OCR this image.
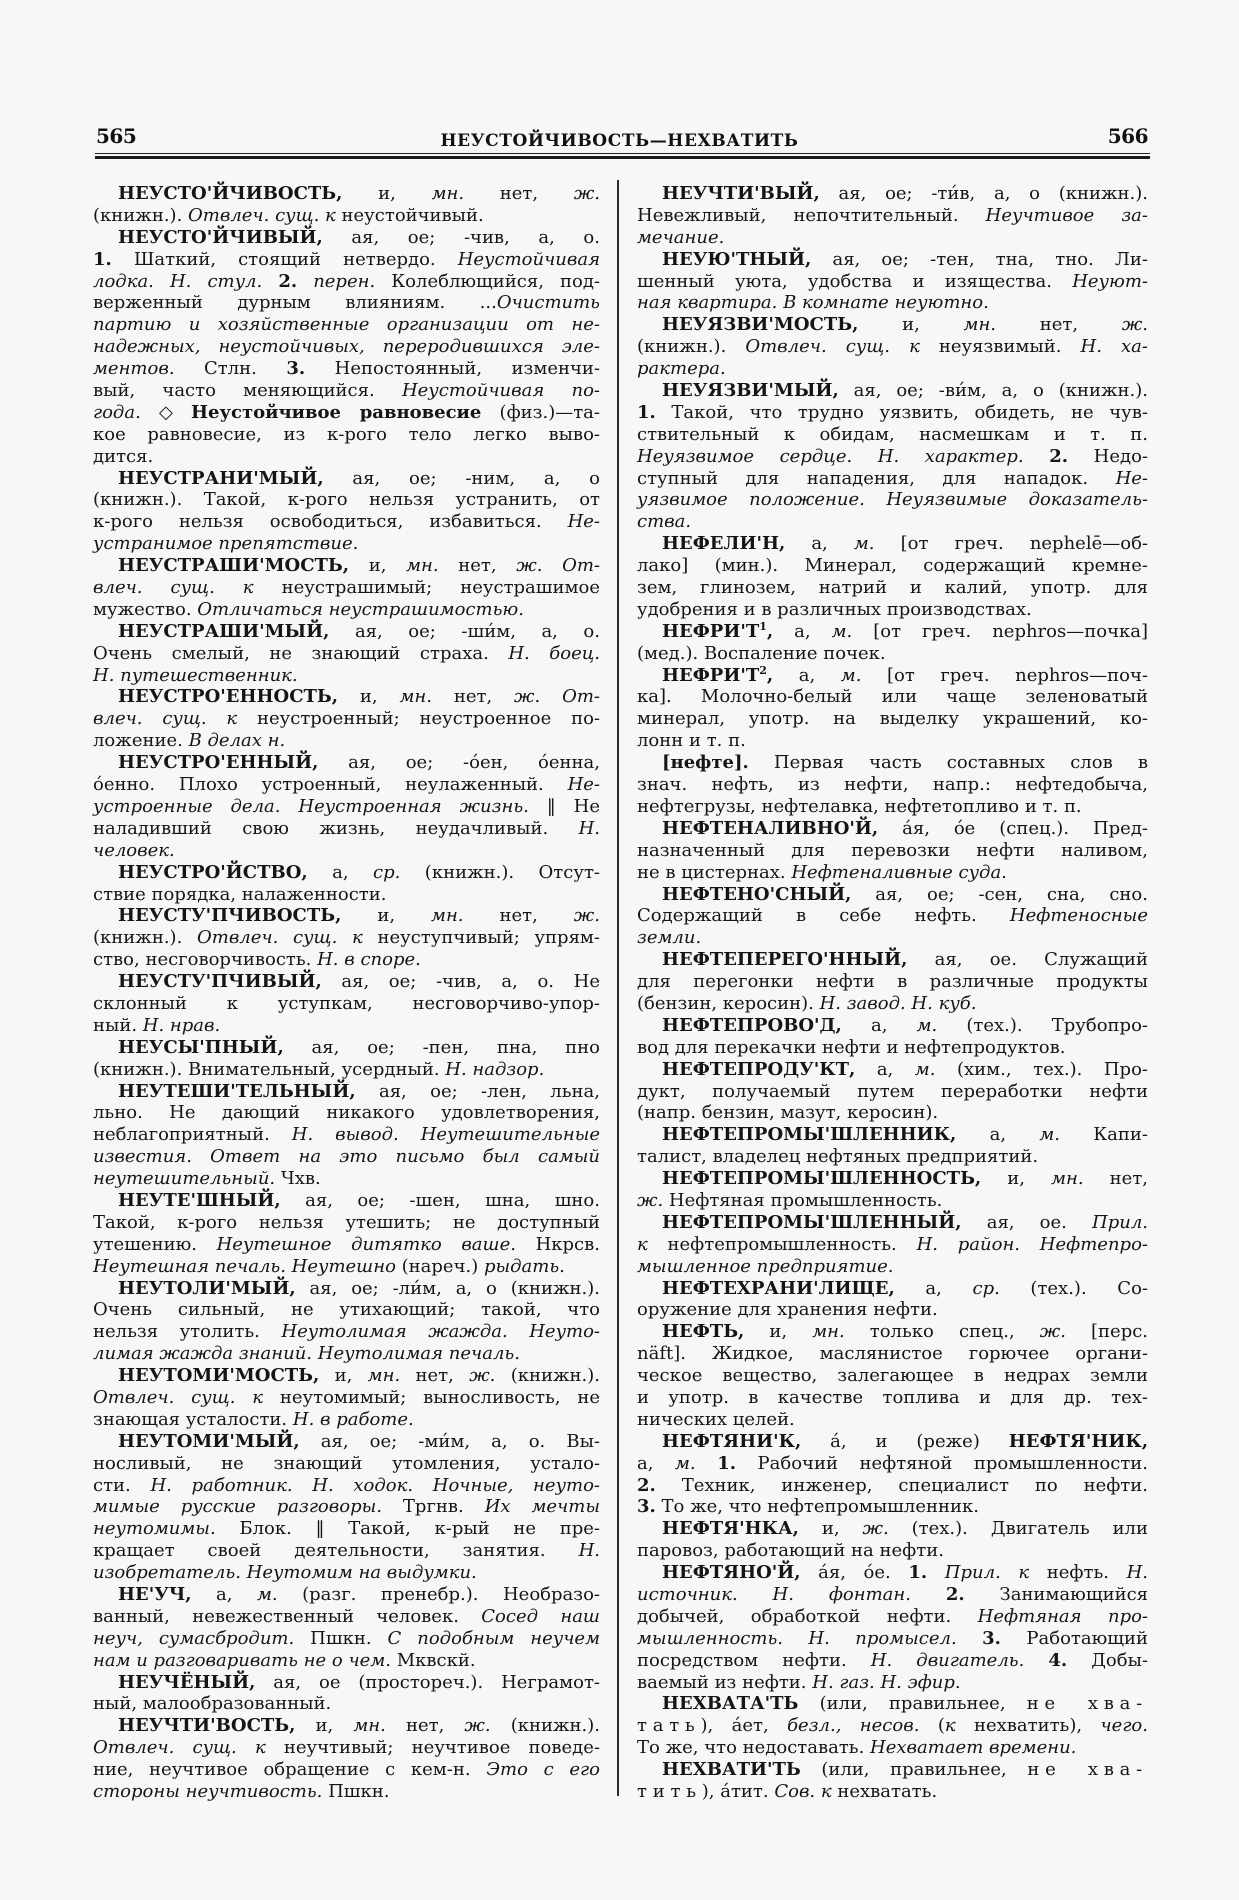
565	НЕУСТОЙЧИВОСТЬ—НЕХВАТИТЬ	566
НЕУСТО'ЙЧИВОСТЬ, и, мн. нет, ж.
(книжн.). Отвлеч. сущ. к неустойчивый.
НЕУСТО'ЙЧИВЫЙ, ая, ое; -чив, а, о.
1. Шаткий, стоящий нетвердо. Неустойчивая
лодка. Н. стул. 2. перен. Колеблющийся, под-
верженный дурным влияниям. ...Очистить
партию и хозяйственные организации от не-
надежных, неустойчивых, переродившихся эле-
ментов. Стлн. 3. Непостоянный, изменчи-
вый, часто меняющийся. Неустойчивая по-
года. ◇ Неустойчивое равновесие (физ.)—та-
кое равновесие, из к-рого тело легко выво-
дится.
НЕУСТРАНИ'МЫЙ, ая, ое; -ним, а, о
(книжн.). Такой, к-рого нельзя устранить, от
к-рого нельзя освободиться, избавиться. Не-
устранимое препятствие.
НЕУСТРАШИ'МОСТЬ, и, мн. нет, ж. От-
влеч. сущ. к неустрашимый; неустрашимое
мужество. Отличаться неустрашимостью.
НЕУСТРАШИ'МЫЙ, ая, ое; -ши́м, а, о.
Очень смелый, не знающий страха. Н. боец.
Н. путешественник.
НЕУСТРО'ЕННОСТЬ, и, мн. нет, ж. От-
влеч. сущ. к неустроенный; неустроенное по-
ложение. В делах н.
НЕУСТРО'ЕННЫЙ, ая, ое; -о́ен, о́енна,
о́енно. Плохо устроенный, неулаженный. Не-
устроенные дела. Неустроенная жизнь. ‖ Не
наладивший свою жизнь, неудачливый. Н.
человек.
НЕУСТРО'ЙСТВО, а, ср. (книжн.). Отсут-
ствие порядка, налаженности.
НЕУСТУ'ПЧИВОСТЬ, и, мн. нет, ж.
(книжн.). Отвлеч. сущ. к неуступчивый; упрям-
ство, несговорчивость. Н. в споре.
НЕУСТУ'ПЧИВЫЙ, ая, ое; -чив, а, о. Не
склонный к уступкам, несговорчиво-упор-
ный. Н. нрав.
НЕУСЫ'ПНЫЙ, ая, ое; -пен, пна, пно
(книжн.). Внимательный, усердный. Н. надзор.
НЕУТЕШИ'ТЕЛЬНЫЙ, ая, ое; -лен, льна,
льно. Не дающий никакого удовлетворения,
неблагоприятный. Н. вывод. Неутешительные
известия. Ответ на это письмо был самый
неутешительный. Чхв.
НЕУТЕ'ШНЫЙ, ая, ое; -шен, шна, шно.
Такой, к-рого нельзя утешить; не доступный
утешению. Неутешное дитятко ваше. Нкрсв.
Неутешная печаль. Неутешно (нареч.) рыдать.
НЕУТОЛИ'МЫЙ, ая, ое; -ли́м, а, о (книжн.).
Очень сильный, не утихающий; такой, что
нельзя утолить. Неутолимая жажда. Неуто-
лимая жажда знаний. Неутолимая печаль.
НЕУТОМИ'МОСТЬ, и, мн. нет, ж. (книжн.).
Отвлеч. сущ. к неутомимый; выносливость, не
знающая усталости. Н. в работе.
НЕУТОМИ'МЫЙ, ая, ое; -ми́м, а, о. Вы-
носливый, не знающий утомления, устало-
сти. Н. работник. Н. ходок. Ночные, неуто-
мимые русские разговоры. Тргнв. Их мечты
неутомимы. Блок. ‖ Такой, к-рый не пре-
кращает своей деятельности, занятия. Н.
изобретатель. Неутомим на выдумки.
НЕ'УЧ, а, м. (разг. пренебр.). Необразо-
ванный, невежественный человек. Сосед наш
неуч, сумасбродит. Пшкн. С подобным неучем
нам и разговаривать не о чем. Мквскй.
НЕУЧЁНЫЙ, ая, ое (простореч.). Неграмот-
ный, малообразованный.
НЕУЧТИ'ВОСТЬ, и, мн. нет, ж. (книжн.).
Отвлеч. сущ. к неучтивый; неучтивое поведе-
ние, неучтивое обращение с кем-н. Это с его
стороны неучтивость. Пшкн.
НЕУЧТИ'ВЫЙ, ая, ое; -ти́в, а, о (книжн.).
Невежливый, непочтительный. Неучтивое за-
мечание.
НЕУЮ'ТНЫЙ, ая, ое; -тен, тна, тно. Ли-
шенный уюта, удобства и изящества. Неуют-
ная квартира. В комнате неуютно.
НЕУЯЗВИ'МОСТЬ, и, мн. нет, ж.
(книжн.). Отвлеч. сущ. к неуязвимый. Н. ха-
рактера.
НЕУЯЗВИ'МЫЙ, ая, ое; -ви́м, а, о (книжн.).
1. Такой, что трудно уязвить, обидеть, не чув-
ствительный к обидам, насмешкам и т. п.
Неуязвимое сердце. Н. характер. 2. Недо-
ступный для нападения, для нападок. Не-
уязвимое положение. Неуязвимые доказатель-
ства.
НЕФЕЛИ'Н, а, м. [от греч. nephelē—об-
лако] (мин.). Минерал, содержащий кремне-
зем, глинозем, натрий и калий, употр. для
удобрения и в различных производствах.
$НЕФРИ'Т^1$, а, м. [от греч. nephros—почка]
(мед.). Воспаление почек.
$НЕФРИ'Т^2$, а, м. [от греч. nephros—поч-
ка]. Молочно-белый или чаще зеленоватый
минерал, употр. на выделку украшений, ко-
лонн и т. п.
[нефте]. Первая часть составных слов в
знач. нефть, из нефти, напр.: нефтедобыча,
нефтегрузы, нефтелавка, нефтетопливо и т. п.
НЕФТЕНАЛИВНО'Й, а́я, о́е (спец.). Пред-
назначенный для перевозки нефти наливом,
не в цистернах. Нефтеналивные суда.
НЕФТЕНО'СНЫЙ, ая, ое; -сен, сна, сно.
Содержащий в себе нефть. Нефтеносные
земли.
НЕФТЕПЕРЕГО'ННЫЙ, ая, ое. Служащий
для перегонки нефти в различные продукты
(бензин, керосин). Н. завод. Н. куб.
НЕФТЕПРОВО'Д, а, м. (тех.). Трубопро-
вод для перекачки нефти и нефтепродуктов.
НЕФТЕПРОДУ'КТ, а, м. (хим., тех.). Про-
дукт, получаемый путем переработки нефти
(напр. бензин, мазут, керосин).
НЕФТЕПРОМЫ'ШЛЕННИК, а, м. Капи-
талист, владелец нефтяных предприятий.
НЕФТЕПРОМЫ'ШЛЕННОСТЬ, и, мн. нет,
ж. Нефтяная промышленность.
НЕФТЕПРОМЫ'ШЛЕННЫЙ, ая, ое. Прил.
к нефтепромышленность. Н. район. Нефтепро-
мышленное предприятие.
НЕФТЕХРАНИ'ЛИЩЕ, а, ср. (тех.). Со-
оружение для хранения нефти.
НЕФТЬ, и, мн. только спец., ж. [перс.
näft]. Жидкое, маслянистое горючее органи-
ческое вещество, залегающее в недрах земли
и употр. в качестве топлива и для др. тех-
нических целей.
НЕФТЯНИ'К, а́, и (реже) НЕФТЯ'НИК,
а, м. 1. Рабочий нефтяной промышленности.
2. Техник, инженер, специалист по нефти.
3. То же, что нефтепромышленник.
НЕФТЯ'НКА, и, ж. (тех.). Двигатель или
паровоз, работающий на нефти.
НЕФТЯНО'Й, а́я, о́е. 1. Прил. к нефть. Н.
источник. Н. фонтан. 2. Занимающийся
добычей, обработкой нефти. Нефтяная про-
мышленность. Н. промысел. 3. Работающий
посредством нефти. Н. двигатель. 4. Добы-
ваемый из нефти. Н. газ. Н. эфир.
НЕХВАТА'ТЬ (или, правильнее, не хва-
тать), а́ет, безл., несов. (к нехватить), чего.
То же, что недоставать. Нехватает времени.
НЕХВАТИ'ТЬ (или, правильнее, не хва-
тить), а́тит. Сов. к нехватать.
